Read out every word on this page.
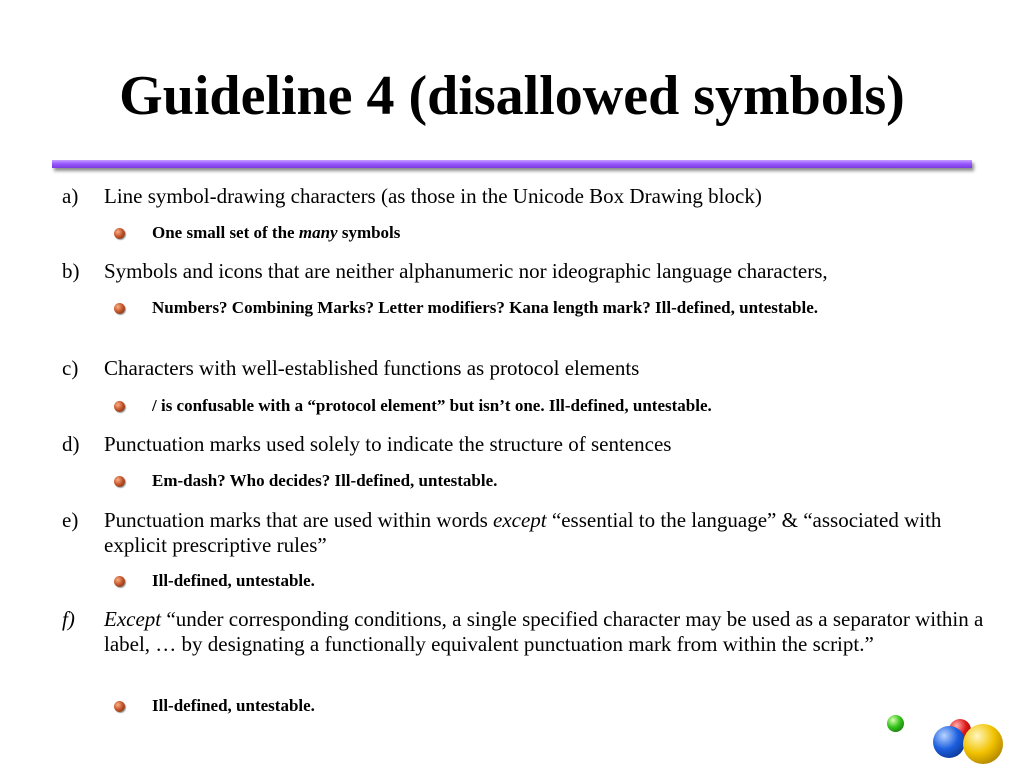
Guideline 4 (disallowed symbols)
a) Line symbol-drawing characters (as those in the Unicode Box Drawing block)
One small set of the many symbols
b) Symbols and icons that are neither alphanumeric nor ideographic language characters,
Numbers? Combining Marks? Letter modifiers? Kana length mark? Ill-defined, untestable.
c) Characters with well-established functions as protocol elements
/ is confusable with a “protocol element” but isn’t one. Ill-defined, untestable.
d) Punctuation marks used solely to indicate the structure of sentences
Em-dash? Who decides? Ill-defined, untestable.
e) Punctuation marks that are used within words except “essential to the language” & “associated with explicit prescriptive rules”
Ill-defined, untestable.
f) Except “under corresponding conditions, a single specified character may be used as a separator within a label, … by designating a functionally equivalent punctuation mark from within the script.”
Ill-defined, untestable.
